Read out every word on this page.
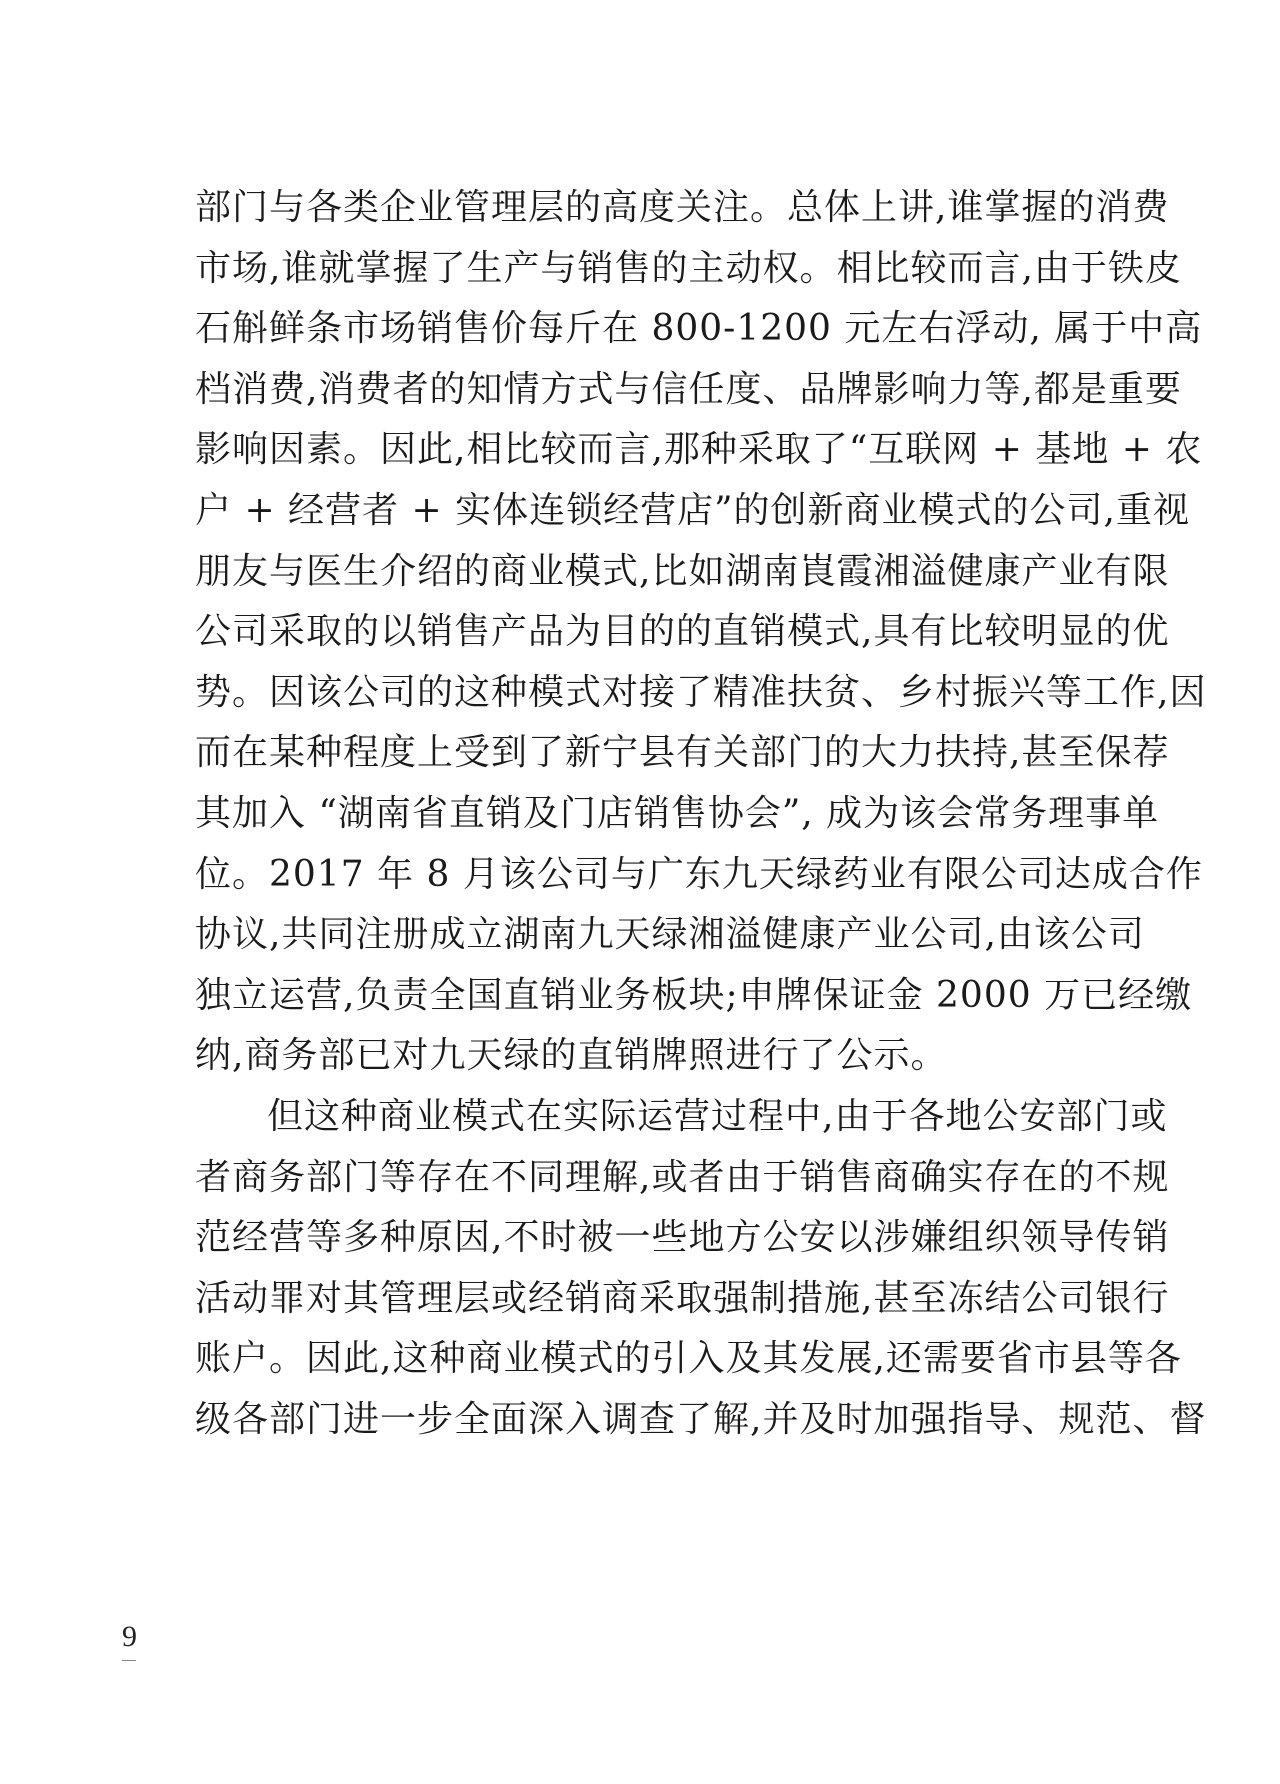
部门与各类企业管理层的高度关注。总体上讲,谁掌握的消费
市场,谁就掌握了生产与销售的主动权。相比较而言,由于铁皮
石斛鲜条市场销售价每斤在 800-1200 元左右浮动, 属于中高
档消费,消费者的知情方式与信任度、品牌影响力等,都是重要
影响因素。因此,相比较而言,那种采取了“互联网 + 基地 + 农
户 + 经营者 + 实体连锁经营店”的创新商业模式的公司,重视
朋友与医生介绍的商业模式,比如湖南崀霞湘溢健康产业有限
公司采取的以销售产品为目的的直销模式,具有比较明显的优
势。因该公司的这种模式对接了精准扶贫、乡村振兴等工作,因
而在某种程度上受到了新宁县有关部门的大力扶持,甚至保荐
其加入 “湖南省直销及门店销售协会”, 成为该会常务理事单
位。2017 年 8 月该公司与广东九天绿药业有限公司达成合作
协议,共同注册成立湖南九天绿湘溢健康产业公司,由该公司
独立运营,负责全国直销业务板块;申牌保证金 2000 万已经缴
纳,商务部已对九天绿的直销牌照进行了公示。
但这种商业模式在实际运营过程中,由于各地公安部门或
者商务部门等存在不同理解,或者由于销售商确实存在的不规
范经营等多种原因,不时被一些地方公安以涉嫌组织领导传销
活动罪对其管理层或经销商采取强制措施,甚至冻结公司银行
账户。因此,这种商业模式的引入及其发展,还需要省市县等各
级各部门进一步全面深入调查了解,并及时加强指导、规范、督
9
